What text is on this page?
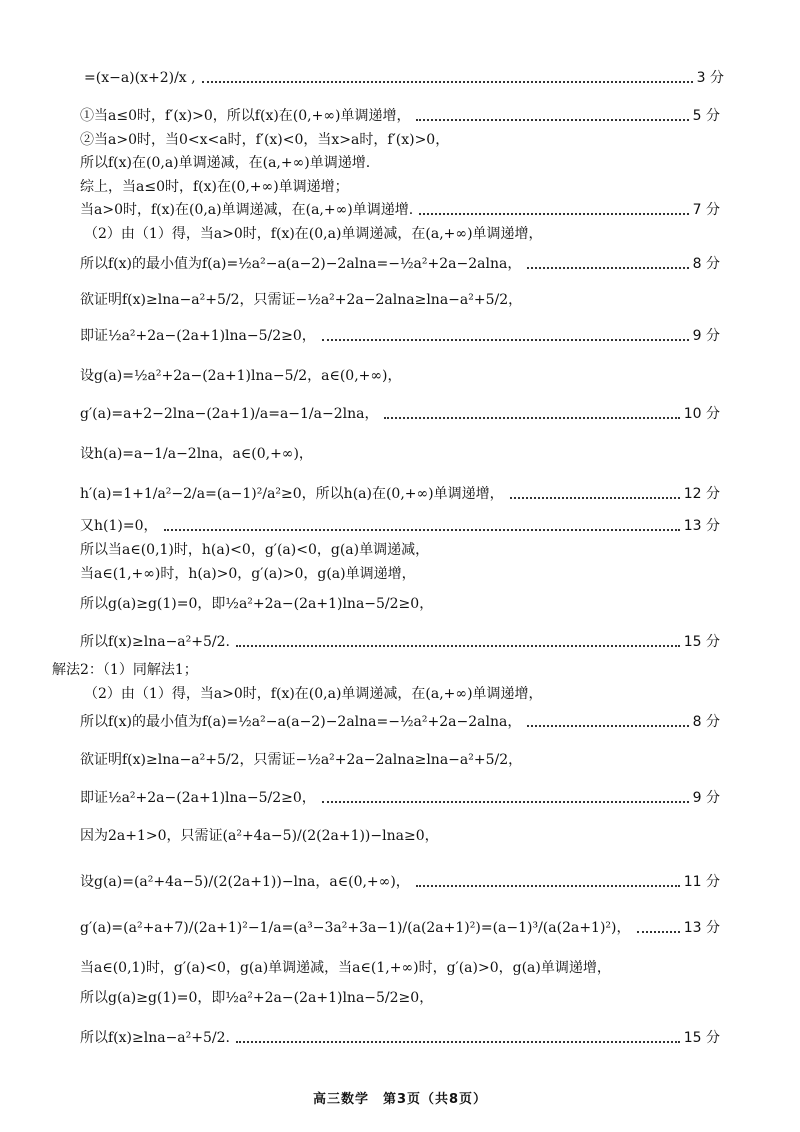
=(x−a)(x+2)/x ,	3 分
①当a≤0时，f′(x)>0，所以f(x)在(0,+∞)单调递增，	5 分
②当a>0时，当0<x<a时，f′(x)<0，当x>a时，f′(x)>0，
所以f(x)在(0,a)单调递减，在(a,+∞)单调递增.
综上，当a≤0时，f(x)在(0,+∞)单调递增；
当a>0时，f(x)在(0,a)单调递减，在(a,+∞)单调递增.	7 分
（2）由（1）得，当a>0时，f(x)在(0,a)单调递减，在(a,+∞)单调递增，
所以f(x)的最小值为f(a)=½a²−a(a−2)−2alna=−½a²+2a−2alna，	8 分
欲证明f(x)≥lna−a²+5/2，只需证−½a²+2a−2alna≥lna−a²+5/2，
即证½a²+2a−(2a+1)lna−5/2≥0，	9 分
设g(a)=½a²+2a−(2a+1)lna−5/2，a∈(0,+∞)，
g′(a)=a+2−2lna−(2a+1)/a=a−1/a−2lna，	10 分
设h(a)=a−1/a−2lna，a∈(0,+∞)，
h′(a)=1+1/a²−2/a=(a−1)²/a²≥0，所以h(a)在(0,+∞)单调递增，	12 分
又h(1)=0，	13 分
所以当a∈(0,1)时，h(a)<0，g′(a)<0，g(a)单调递减，
当a∈(1,+∞)时，h(a)>0，g′(a)>0，g(a)单调递增，
所以g(a)≥g(1)=0，即½a²+2a−(2a+1)lna−5/2≥0，
所以f(x)≥lna−a²+5/2.	15 分
解法2：（1）同解法1；
（2）由（1）得，当a>0时，f(x)在(0,a)单调递减，在(a,+∞)单调递增，
所以f(x)的最小值为f(a)=½a²−a(a−2)−2alna=−½a²+2a−2alna，	8 分
欲证明f(x)≥lna−a²+5/2，只需证−½a²+2a−2alna≥lna−a²+5/2，
即证½a²+2a−(2a+1)lna−5/2≥0，	9 分
因为2a+1>0，只需证(a²+4a−5)/(2(2a+1))−lna≥0，
设g(a)=(a²+4a−5)/(2(2a+1))−lna，a∈(0,+∞)，	11 分
g′(a)=(a²+a+7)/(2a+1)²−1/a=(a³−3a²+3a−1)/(a(2a+1)²)=(a−1)³/(a(2a+1)²)，	13 分
当a∈(0,1)时，g′(a)<0，g(a)单调递减，当a∈(1,+∞)时，g′(a)>0，g(a)单调递增，
所以g(a)≥g(1)=0，即½a²+2a−(2a+1)lna−5/2≥0，
所以f(x)≥lna−a²+5/2.	15 分
高三数学　第3页（共8页）
